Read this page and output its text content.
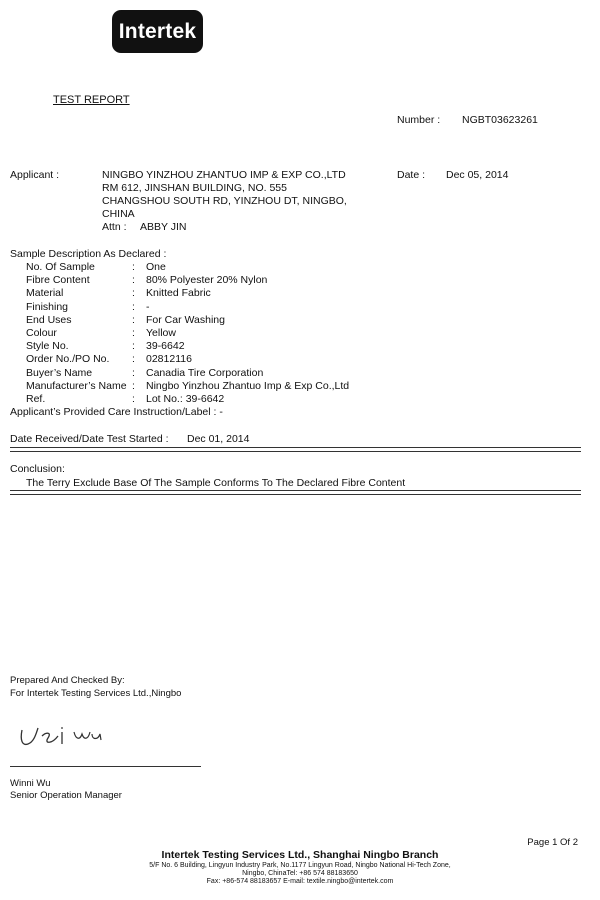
Intertek
TEST REPORT
Number : NGBT03623261
Applicant :	NINGBO YINZHOU ZHANTUO IMP & EXP CO.,LTD
RM 612, JINSHAN BUILDING, NO. 555
CHANGSHOU SOUTH RD, YINZHOU DT, NINGBO,
CHINA
Attn : ABBY JIN
Date : Dec 05, 2014
Sample Description As Declared :
No. Of Sample	: One
Fibre Content	: 80% Polyester 20% Nylon
Material	: Knitted Fabric
Finishing	: -
End Uses	: For Car Washing
Colour	: Yellow
Style No.	: 39-6642
Order No./PO No. : 02812116
Buyer’s Name	: Canadia Tire Corporation
Manufacturer’s Name : Ningbo Yinzhou Zhantuo Imp & Exp Co.,Ltd
Ref.	: Lot No.: 39-6642
Applicant’s Provided Care Instruction/Label : -
Date Received/Date Test Started : Dec 01, 2014
Conclusion:
The Terry Exclude Base Of The Sample Conforms To The Declared Fibre Content
Prepared And Checked By:
For Intertek Testing Services Ltd.,Ningbo
Winni Wu
Senior Operation Manager
Page 1 Of 2
Intertek Testing Services Ltd., Shanghai Ningbo Branch
5/F No. 6 Building, Lingyun Industry Park, No.1177 Lingyun Road, Ningbo National Hi-Tech Zone,
Ningbo, ChinaTel: +86 574 88183650
Fax: +86-574 88183657 E-mail: textile.ningbo@intertek.com
